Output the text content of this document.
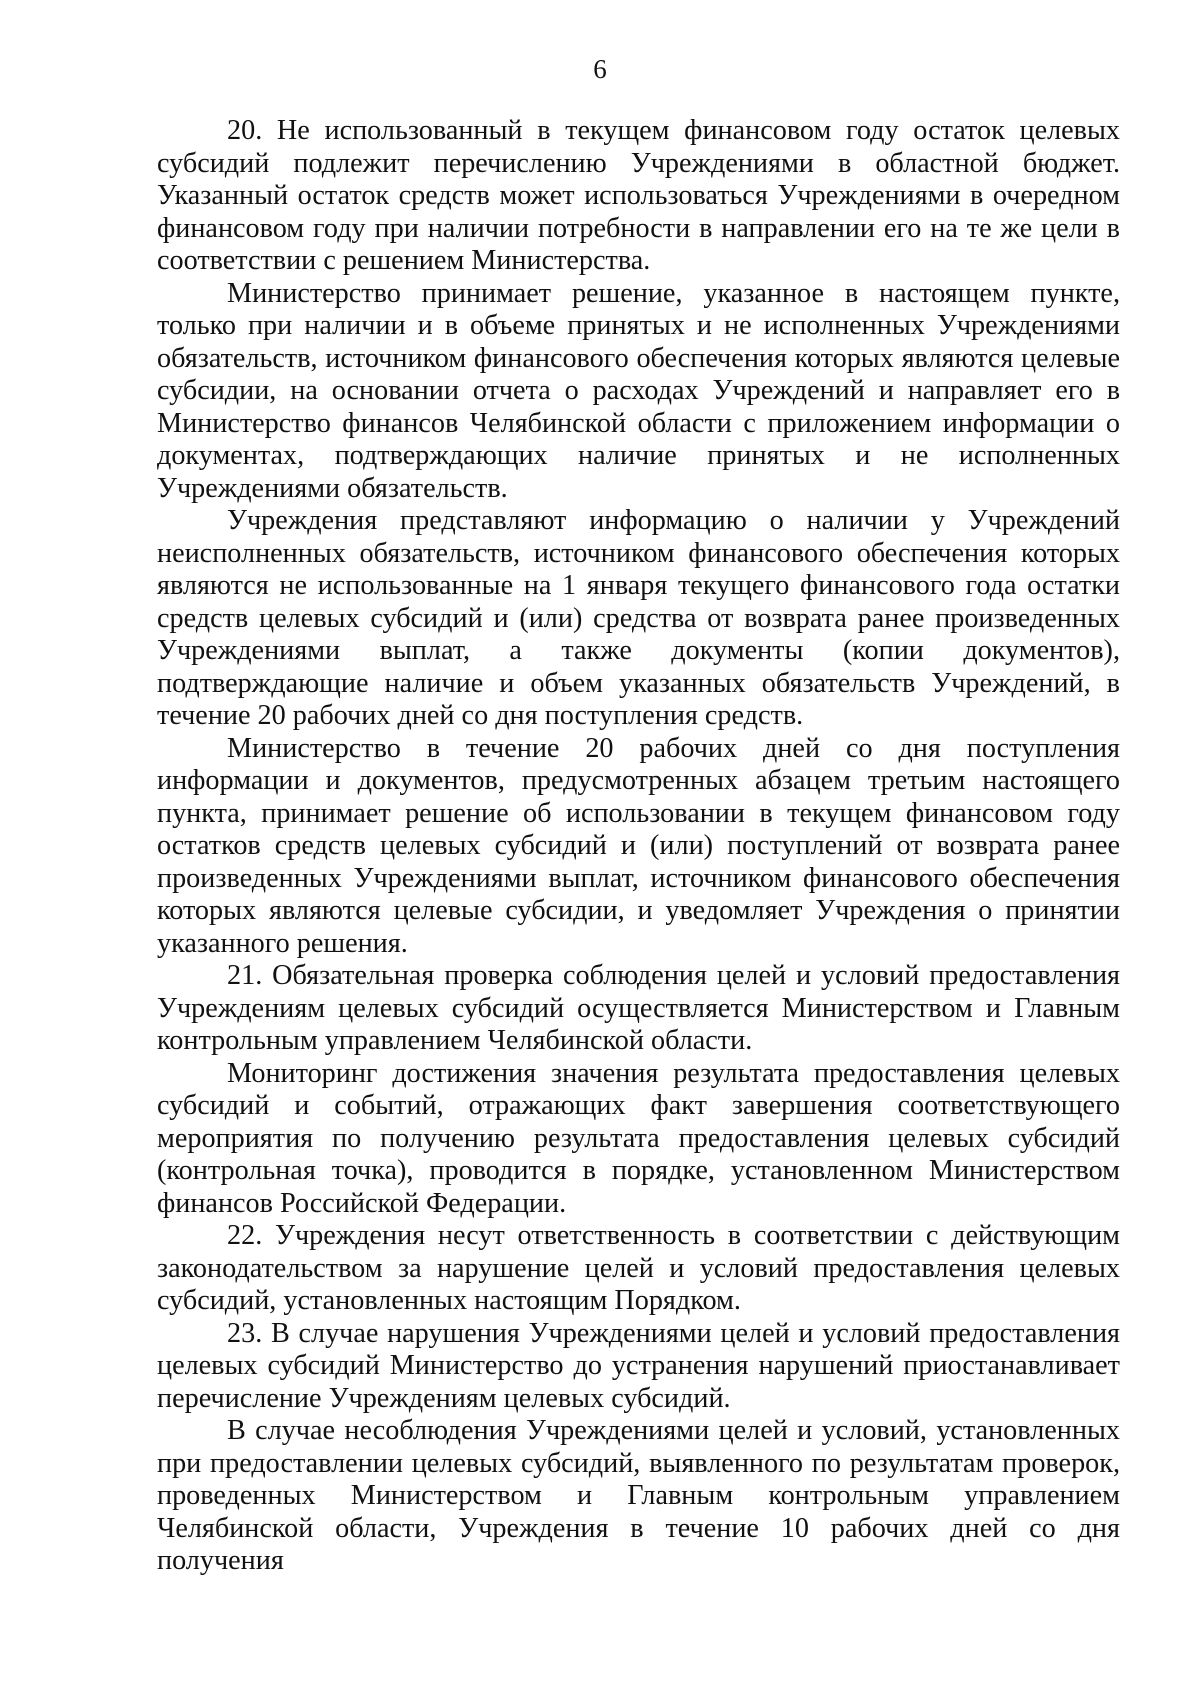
6

20. Не использованный в текущем финансовом году остаток целевых субсидий подлежит перечислению Учреждениями в областной бюджет. Указанный остаток средств может использоваться Учреждениями в очередном финансовом году при наличии потребности в направлении его на те же цели в соответствии с решением Министерства.

Министерство принимает решение, указанное в настоящем пункте, только при наличии и в объеме принятых и не исполненных Учреждениями обязательств, источником финансового обеспечения которых являются целевые субсидии, на основании отчета о расходах Учреждений и направляет его в Министерство финансов Челябинской области с приложением информации о документах, подтверждающих наличие принятых и не исполненных Учреждениями обязательств.

Учреждения представляют информацию о наличии у Учреждений неисполненных обязательств, источником финансового обеспечения которых являются не использованные на 1 января текущего финансового года остатки средств целевых субсидий и (или) средства от возврата ранее произведенных Учреждениями выплат, а также документы (копии документов), подтверждающие наличие и объем указанных обязательств Учреждений, в течение 20 рабочих дней со дня поступления средств.

Министерство в течение 20 рабочих дней со дня поступления информации и документов, предусмотренных абзацем третьим настоящего пункта, принимает решение об использовании в текущем финансовом году остатков средств целевых субсидий и (или) поступлений от возврата ранее произведенных Учреждениями выплат, источником финансового обеспечения которых являются целевые субсидии, и уведомляет Учреждения о принятии указанного решения.

21. Обязательная проверка соблюдения целей и условий предоставления Учреждениям целевых субсидий осуществляется Министерством и Главным контрольным управлением Челябинской области.

Мониторинг достижения значения результата предоставления целевых субсидий и событий, отражающих факт завершения соответствующего мероприятия по получению результата предоставления целевых субсидий (контрольная точка), проводится в порядке, установленном Министерством финансов Российской Федерации.

22. Учреждения несут ответственность в соответствии с действующим законодательством за нарушение целей и условий предоставления целевых субсидий, установленных настоящим Порядком.

23. В случае нарушения Учреждениями целей и условий предоставления целевых субсидий Министерство до устранения нарушений приостанавливает перечисление Учреждениям целевых субсидий.

В случае несоблюдения Учреждениями целей и условий, установленных при предоставлении целевых субсидий, выявленного по результатам проверок, проведенных Министерством и Главным контрольным управлением Челябинской области, Учреждения в течение 10 рабочих дней со дня получения
